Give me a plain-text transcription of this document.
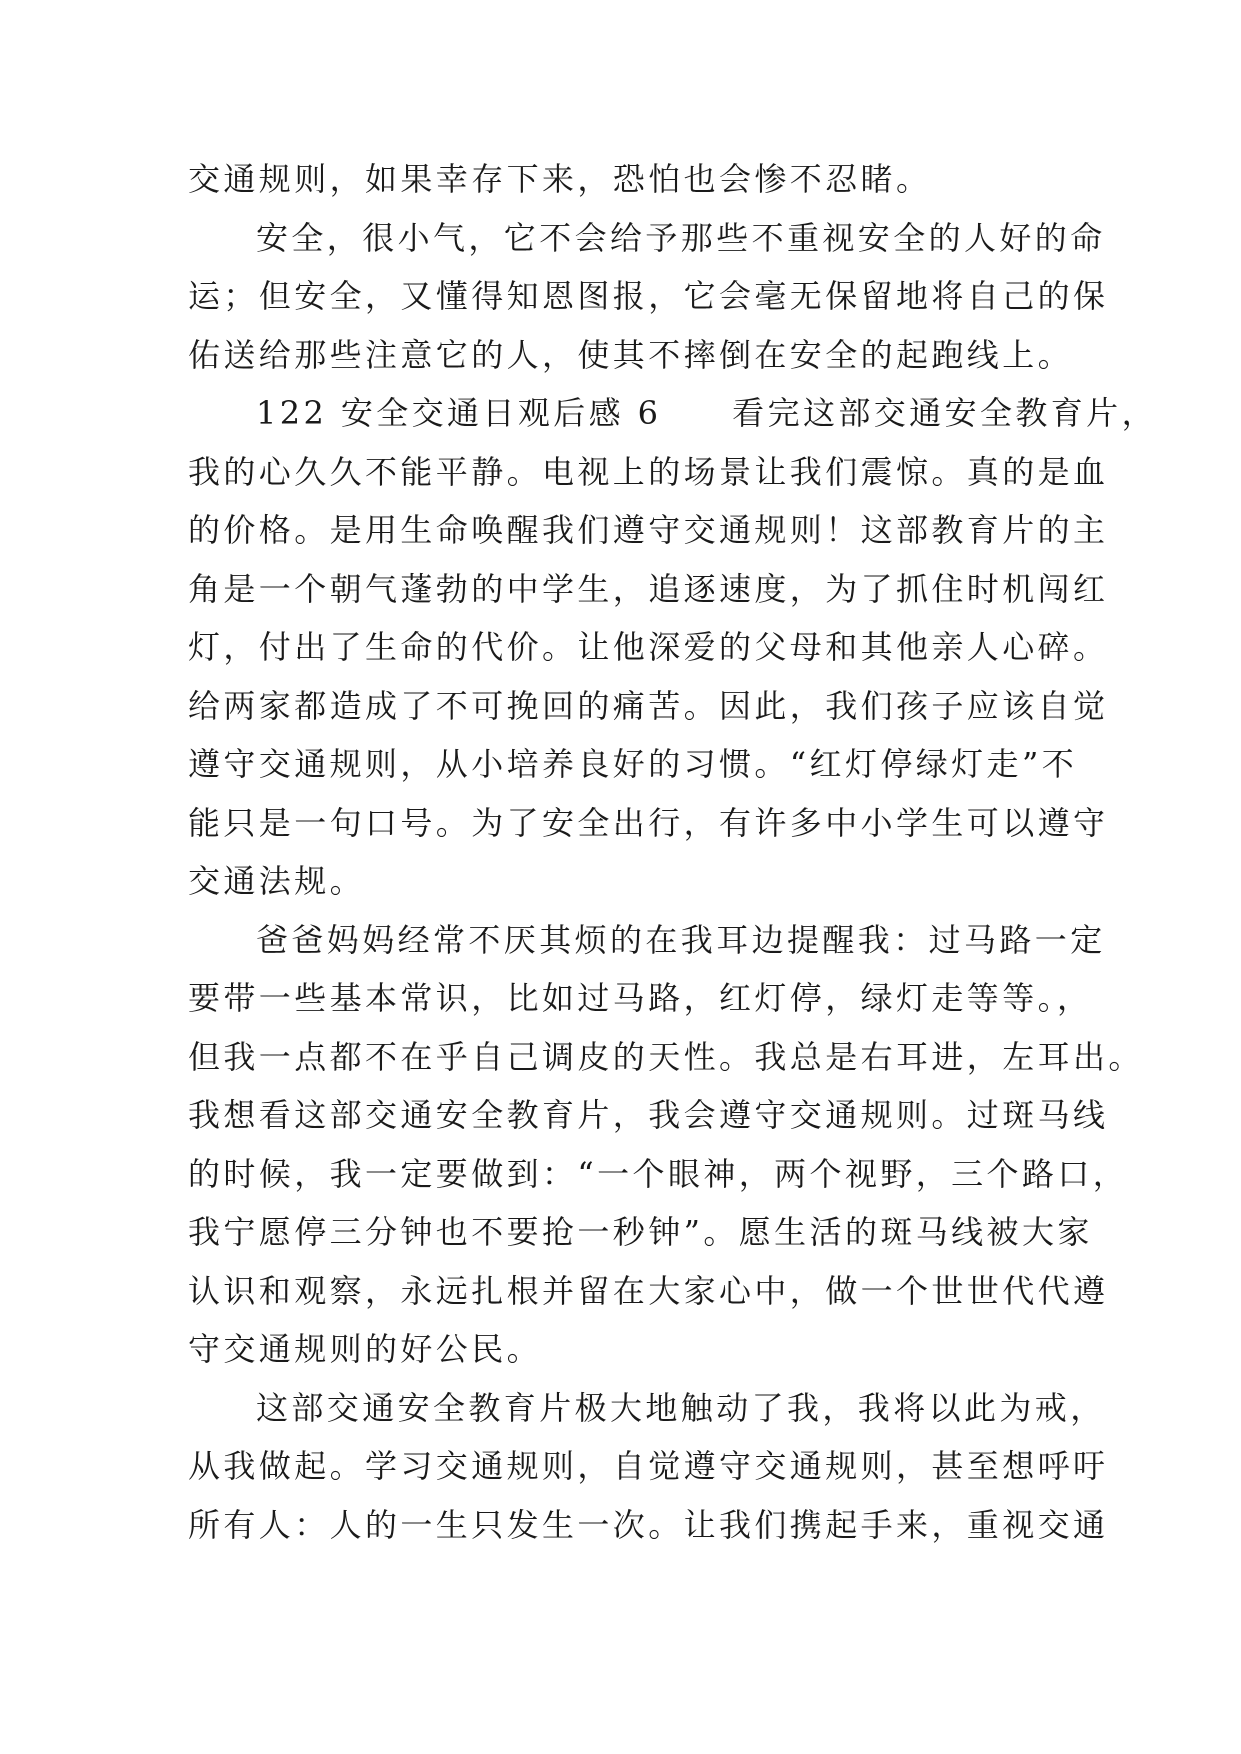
交通规则，如果幸存下来，恐怕也会惨不忍睹。
安全，很小气，它不会给予那些不重视安全的人好的命
运；但安全，又懂得知恩图报，它会毫无保留地将自己的保
佑送给那些注意它的人，使其不摔倒在安全的起跑线上。
122 安全交通日观后感 6　　看完这部交通安全教育片，
我的心久久不能平静。电视上的场景让我们震惊。真的是血
的价格。是用生命唤醒我们遵守交通规则！这部教育片的主
角是一个朝气蓬勃的中学生，追逐速度，为了抓住时机闯红
灯，付出了生命的代价。让他深爱的父母和其他亲人心碎。
给两家都造成了不可挽回的痛苦。因此，我们孩子应该自觉
遵守交通规则，从小培养良好的习惯。“红灯停绿灯走”不
能只是一句口号。为了安全出行，有许多中小学生可以遵守
交通法规。
爸爸妈妈经常不厌其烦的在我耳边提醒我：过马路一定
要带一些基本常识，比如过马路，红灯停，绿灯走等等。，
但我一点都不在乎自己调皮的天性。我总是右耳进，左耳出。
我想看这部交通安全教育片，我会遵守交通规则。过斑马线
的时候，我一定要做到：“一个眼神，两个视野，三个路口，
我宁愿停三分钟也不要抢一秒钟”。愿生活的斑马线被大家
认识和观察，永远扎根并留在大家心中，做一个世世代代遵
守交通规则的好公民。
这部交通安全教育片极大地触动了我，我将以此为戒，
从我做起。学习交通规则，自觉遵守交通规则，甚至想呼吁
所有人：人的一生只发生一次。让我们携起手来，重视交通
